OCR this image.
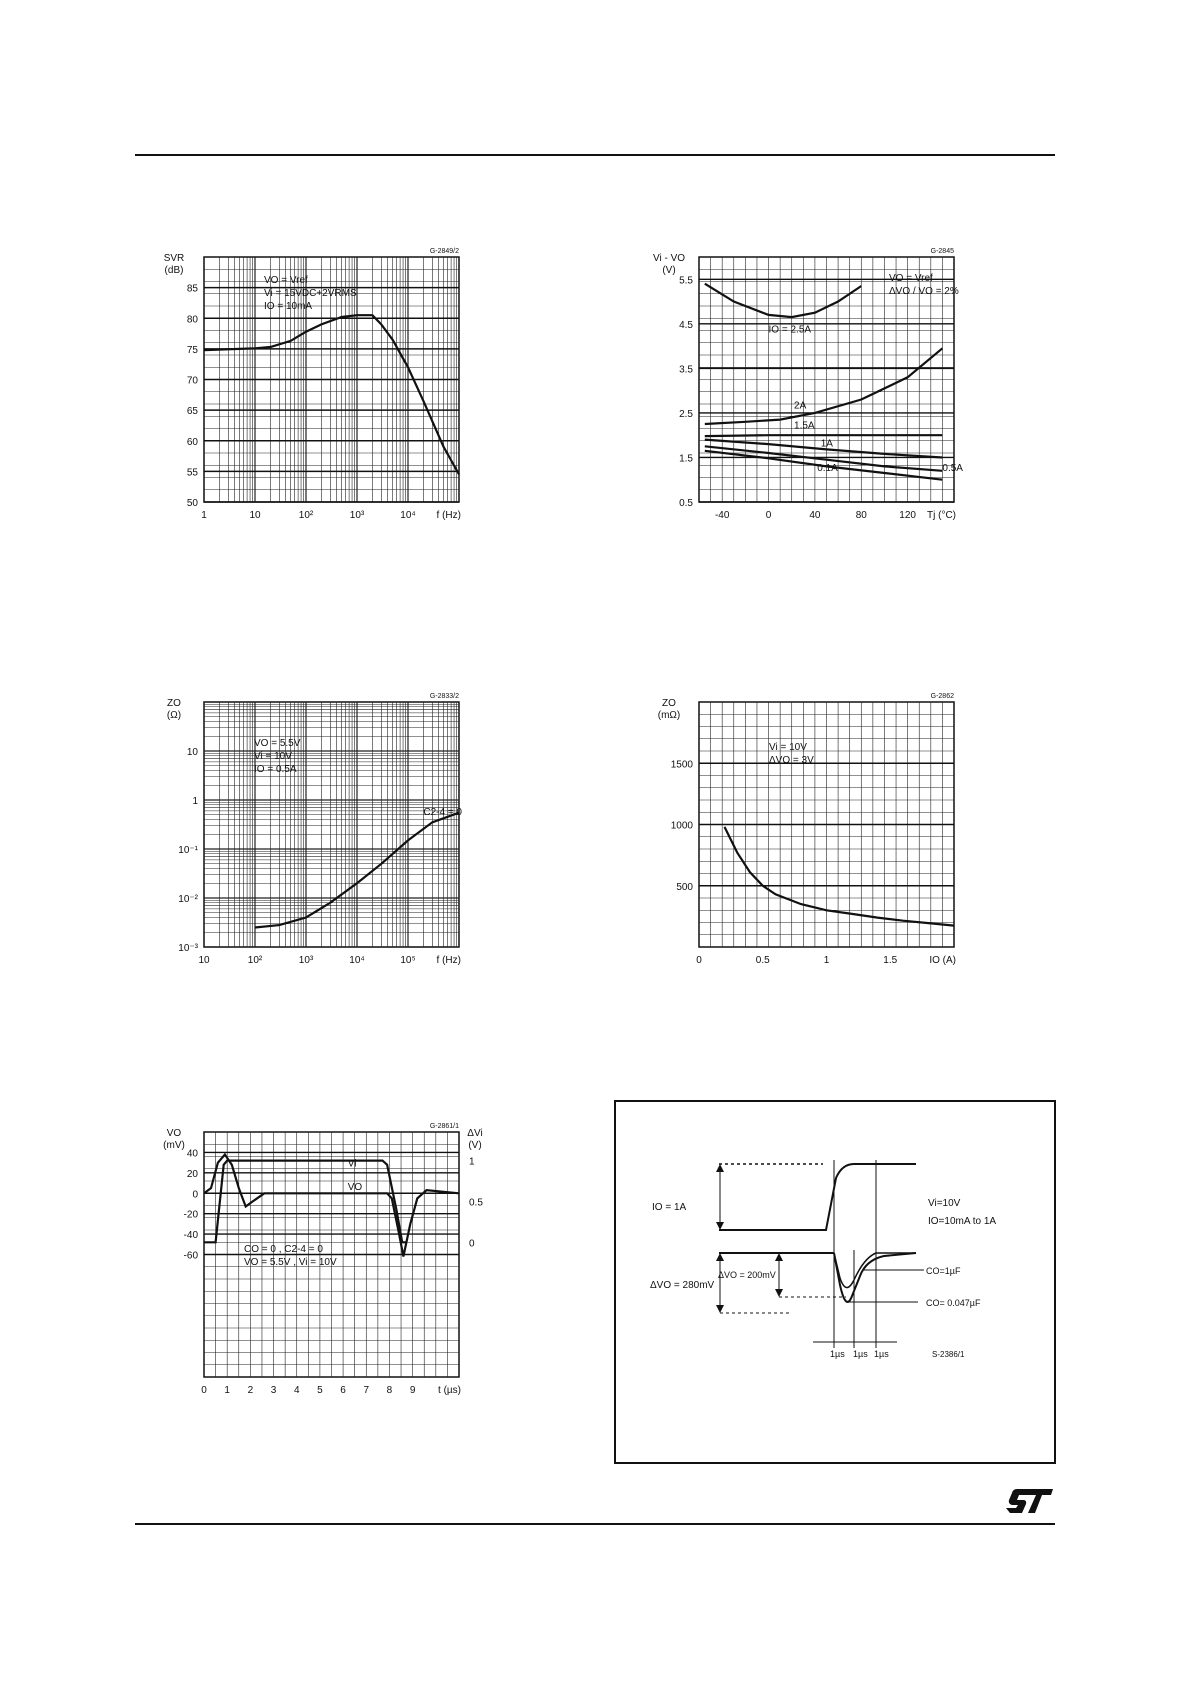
50
55
60
65
70
75
80
85
1	10	10²	10³	10⁴
SVR
(dB)
f (Hz)
G-2849/2
VO = Vref
Vi = 15VDC+2VRMS
IO = 10mA
0.5
1.5
2.5
3.5
4.5
5.5
-40	0	40	80	120
Vi - VO
(V)
Tj (°C)
G-2845
VO = Vref
ΔVO / VO = 2%
IO = 2.5A
2A
1.5A
1A
0.5A
0.1A
10⁻³
10⁻²
10⁻¹
1
10
10	10²	10³	10⁴	10⁵
ZO
(Ω)
f (Hz)
G-2833/2
VO = 5.5V
Vi = 10V
IO = 0.5A
C2-4 = 0
500
1000
1500
0	0.5	1	1.5
ZO
(mΩ)
IO (A)
G-2862
Vi = 10V
ΔVO = 3V
-60
-40
-20
0
20
40
0 1 2 3 4 5 6 7 8 9
VO
(mV)
ΔVi
(V)
0
0.5
1
t (µs)
G-2861/1
CO = 0 , C2-4 = 0
VO = 5.5V , Vi = 10V
VO
Vi
IO = 1A
ΔVO = 280mV
ΔVO = 200mV
1µs 1µs 1µs
Vi=10V
IO=10mA to 1A
CO=1µF
CO= 0.047µF
S-2386/1
